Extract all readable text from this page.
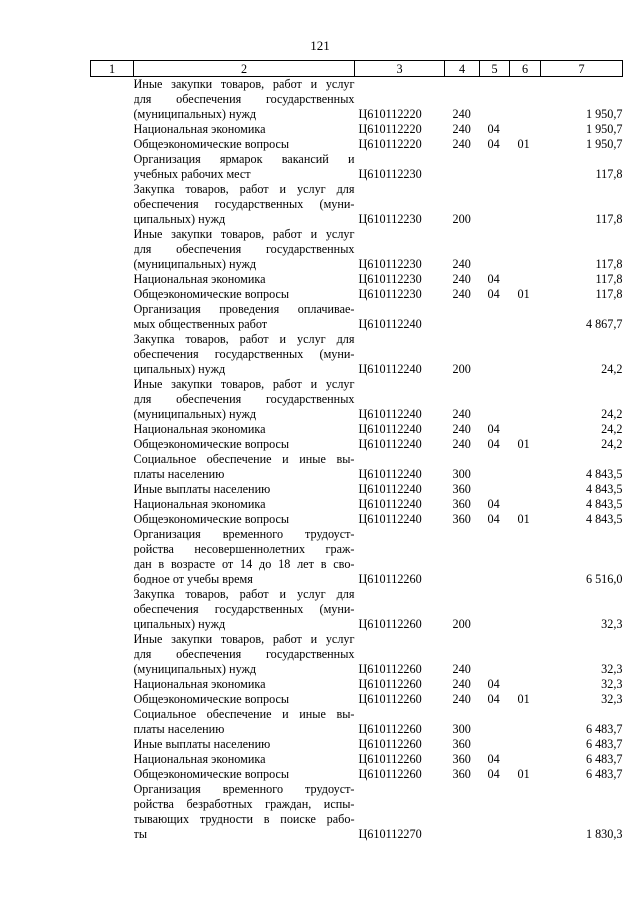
121
1	2	3	4	5	6	7

	Иные закупки товаров, работ и услуг
для обеспечения государственных
(муниципальных) нужд	Ц610112220	240			1 950,7

	Национальная экономика	Ц610112220	240	04		1 950,7

	Общеэкономические вопросы	Ц610112220	240	04	01	1 950,7

	Организация ярмарок вакансий и
учебных рабочих мест	Ц610112230				117,8

	Закупка товаров, работ и услуг для
обеспечения государственных (муни-
ципальных) нужд	Ц610112230	200			117,8

	Иные закупки товаров, работ и услуг
для обеспечения государственных
(муниципальных) нужд	Ц610112230	240			117,8

	Национальная экономика	Ц610112230	240	04		117,8

	Общеэкономические вопросы	Ц610112230	240	04	01	117,8

	Организация проведения оплачивае-
мых общественных работ	Ц610112240				4 867,7

	Закупка товаров, работ и услуг для
обеспечения государственных (муни-
ципальных) нужд	Ц610112240	200			24,2

	Иные закупки товаров, работ и услуг
для обеспечения государственных
(муниципальных) нужд	Ц610112240	240			24,2

	Национальная экономика	Ц610112240	240	04		24,2

	Общеэкономические вопросы	Ц610112240	240	04	01	24,2

	Социальное обеспечение и иные вы-
платы населению	Ц610112240	300			4 843,5

	Иные выплаты населению	Ц610112240	360			4 843,5

	Национальная экономика	Ц610112240	360	04		4 843,5

	Общеэкономические вопросы	Ц610112240	360	04	01	4 843,5

	Организация временного трудоуст-
ройства несовершеннолетних граж-
дан в возрасте от 14 до 18 лет в сво-
бодное от учебы время	Ц610112260				6 516,0

	Закупка товаров, работ и услуг для
обеспечения государственных (муни-
ципальных) нужд	Ц610112260	200			32,3

	Иные закупки товаров, работ и услуг
для обеспечения государственных
(муниципальных) нужд	Ц610112260	240			32,3

	Национальная экономика	Ц610112260	240	04		32,3

	Общеэкономические вопросы	Ц610112260	240	04	01	32,3

	Социальное обеспечение и иные вы-
платы населению	Ц610112260	300			6 483,7

	Иные выплаты населению	Ц610112260	360			6 483,7

	Национальная экономика	Ц610112260	360	04		6 483,7

	Общеэкономические вопросы	Ц610112260	360	04	01	6 483,7

	Организация временного трудоуст-
ройства безработных граждан, испы-
тывающих трудности в поиске рабо-
ты	Ц610112270				1 830,3
